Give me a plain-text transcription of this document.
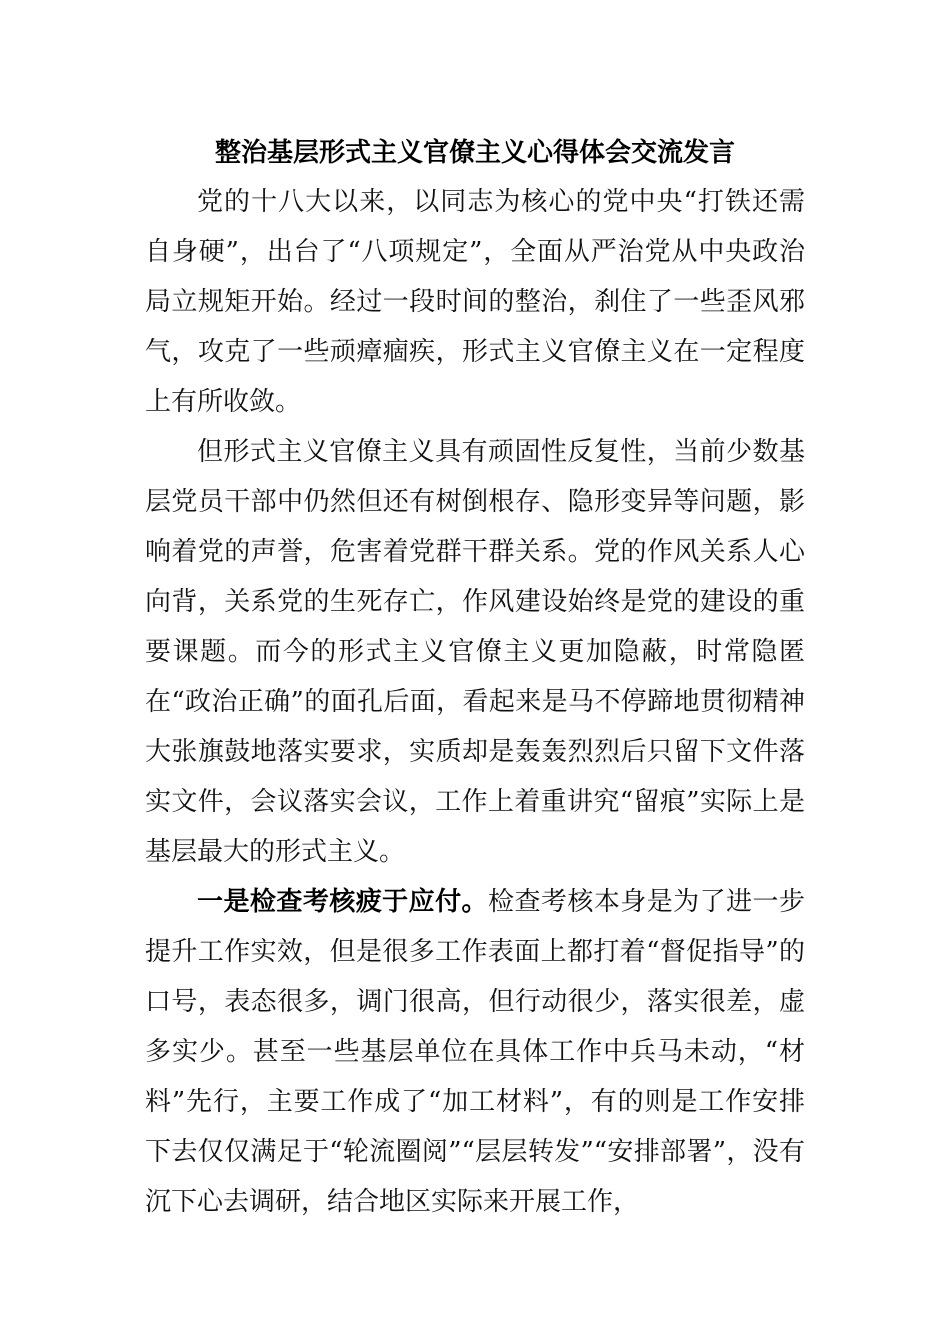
整治基层形式主义官僚主义心得体会交流发言

党的十八大以来，以同志为核心的党中央“打铁还需自身硬”，出台了“八项规定”，全面从严治党从中央政治局立规矩开始。经过一段时间的整治，刹住了一些歪风邪气，攻克了一些顽瘴痼疾，形式主义官僚主义在一定程度上有所收敛。

但形式主义官僚主义具有顽固性反复性，当前少数基层党员干部中仍然但还有树倒根存、隐形变异等问题，影响着党的声誉，危害着党群干群关系。党的作风关系人心向背，关系党的生死存亡，作风建设始终是党的建设的重要课题。而今的形式主义官僚主义更加隐蔽，时常隐匿在“政治正确”的面孔后面，看起来是马不停蹄地贯彻精神大张旗鼓地落实要求，实质却是轰轰烈烈后只留下文件落实文件，会议落实会议，工作上着重讲究“留痕”实际上是基层最大的形式主义。

一是检查考核疲于应付。检查考核本身是为了进一步提升工作实效，但是很多工作表面上都打着“督促指导”的口号，表态很多，调门很高，但行动很少，落实很差，虚多实少。甚至一些基层单位在具体工作中兵马未动，“材料”先行，主要工作成了“加工材料”，有的则是工作安排下去仅仅满足于“轮流圈阅”“层层转发”“安排部署”，没有沉下心去调研，结合地区实际来开展工作，
